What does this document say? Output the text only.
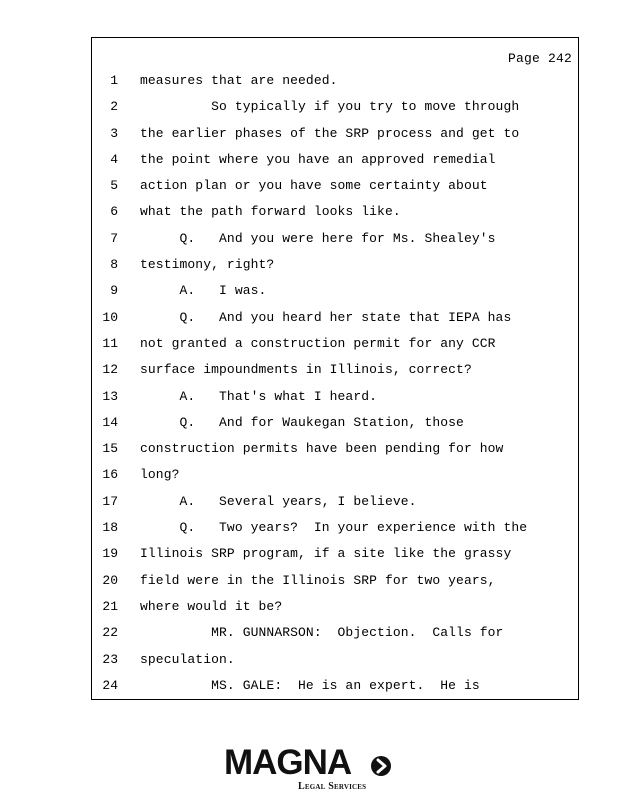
Page 242
1 measures that are needed.
2 So typically if you try to move through
3 the earlier phases of the SRP process and get to
4 the point where you have an approved remedial
5 action plan or you have some certainty about
6 what the path forward looks like.
7 Q.   And you were here for Ms. Shealey's
8 testimony, right?
9 A.   I was.
10 Q.   And you heard her state that IEPA has
11 not granted a construction permit for any CCR
12 surface impoundments in Illinois, correct?
13 A.   That's what I heard.
14 Q.   And for Waukegan Station, those
15 construction permits have been pending for how
16 long?
17 A.   Several years, I believe.
18 Q.   Two years?  In your experience with the
19 Illinois SRP program, if a site like the grassy
20 field were in the Illinois SRP for two years,
21 where would it be?
22 MR. GUNNARSON:  Objection.  Calls for
23 speculation.
24 MS. GALE:  He is an expert.  He is
MAGNA
Legal Services
